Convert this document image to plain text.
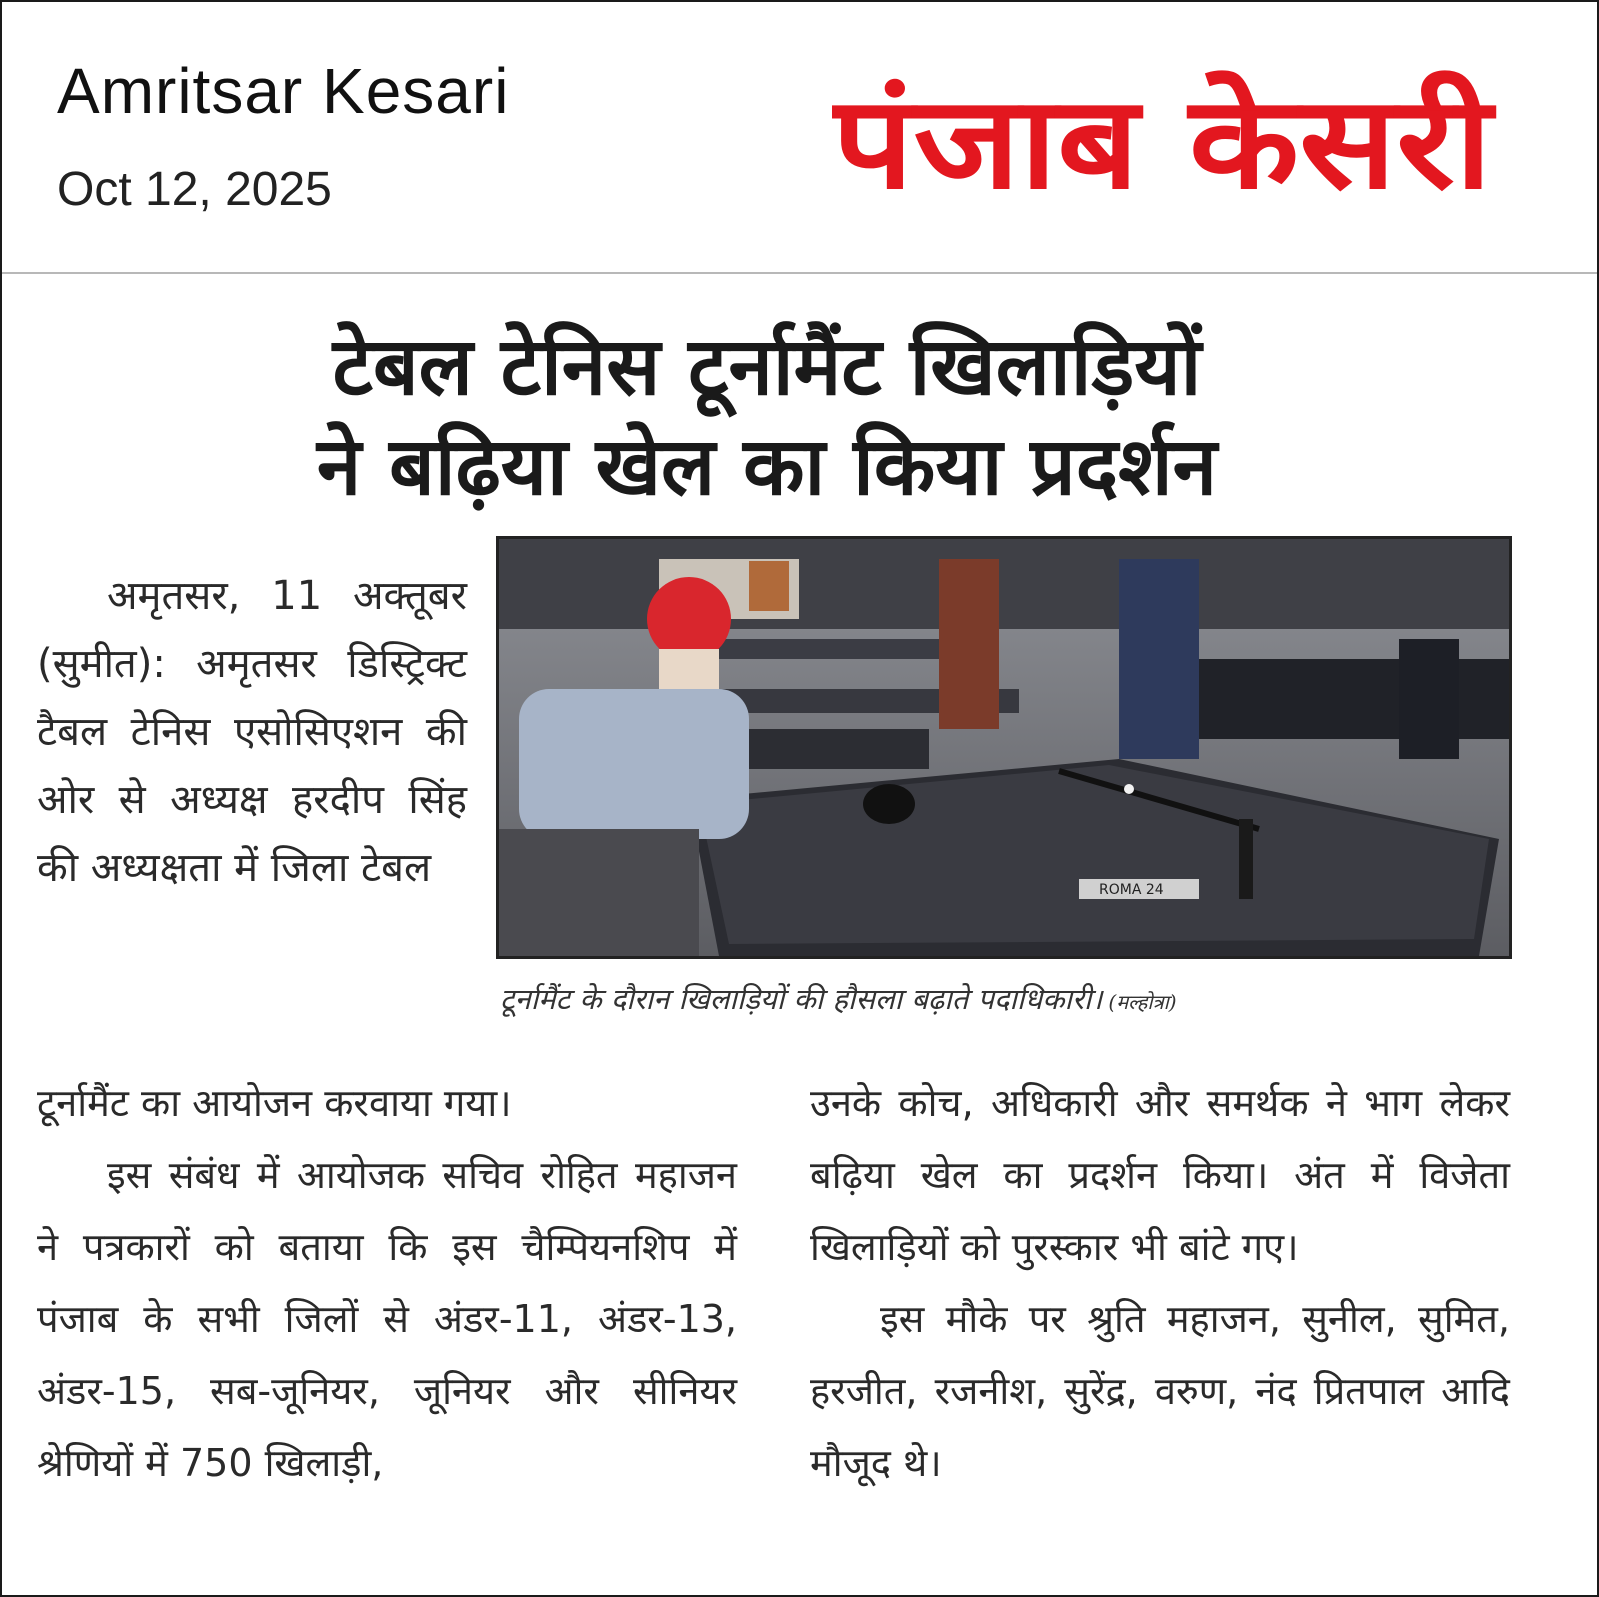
Amritsar Kesari
Oct 12, 2025	पंजाब केसरी
टेबल टेनिस टूर्नामैंट खिलाड़ियों
ने बढ़िया खेल का किया प्रदर्शन
ROMA 24
टूर्नामैंट के दौरान खिलाड़ियों की हौसला बढ़ाते पदाधिकारी। (मल्होत्रा)

अमृतसर, 11 अक्तूबर (सुमीत): अमृतसर डिस्ट्रिक्ट टैबल टेनिस एसोसिएशन की ओर से अध्यक्ष हरदीप सिंह की अध्यक्षता में जिला टेबल

टूर्नामैंट का आयोजन करवाया गया।

इस संबंध में आयोजक सचिव रोहित महाजन ने पत्रकारों को बताया कि इस चैम्पियनशिप में पंजाब के सभी जिलों से अंडर-11, अंडर-13, अंडर-15, सब-जूनियर, जूनियर और सीनियर श्रेणियों में 750 खिलाड़ी,

उनके कोच, अधिकारी और समर्थक ने भाग लेकर बढ़िया खेल का प्रदर्शन किया। अंत में विजेता खिलाड़ियों को पुरस्कार भी बांटे गए।

इस मौके पर श्रुति महाजन, सुनील, सुमित, हरजीत, रजनीश, सुरेंद्र, वरुण, नंद प्रितपाल आदि मौजूद थे।
